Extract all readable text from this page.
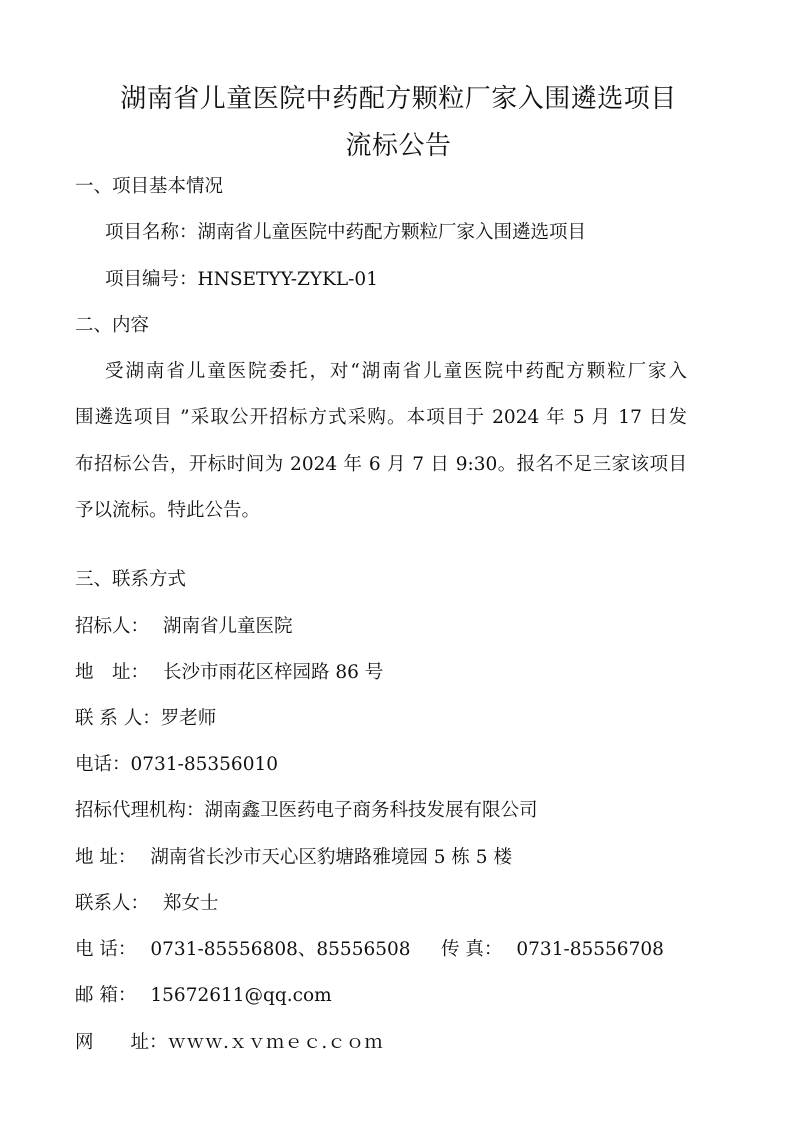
湖南省儿童医院中药配方颗粒厂家入围遴选项目
流标公告
一、项目基本情况
项目名称：湖南省儿童医院中药配方颗粒厂家入围遴选项目
项目编号：HNSETYY-ZYKL-01
二、内容
受湖南省儿童医院委托，对“湖南省儿童医院中药配方颗粒厂家入
围遴选项目 ”采取公开招标方式采购。本项目于 2024 年 5 月 17 日发
布招标公告，开标时间为 2024 年 6 月 7 日 9:30。报名不足三家该项目
予以流标。特此公告。
三、联系方式
招标人： 湖南省儿童医院
地　址： 长沙市雨花区梓园路 86 号
联 系 人：罗老师
电话：0731-85356010
招标代理机构：湖南鑫卫医药电子商务科技发展有限公司
地 址： 湖南省长沙市天心区豹塘路雅境园 5 栋 5 楼
联系人： 郑女士
电 话： 0731-85556808、85556508 传 真： 0731-85556708
邮 箱： 15672611@qq.com
网　　址：ｗｗｗ.ｘｖｍｅｃ.ｃｏｍ
